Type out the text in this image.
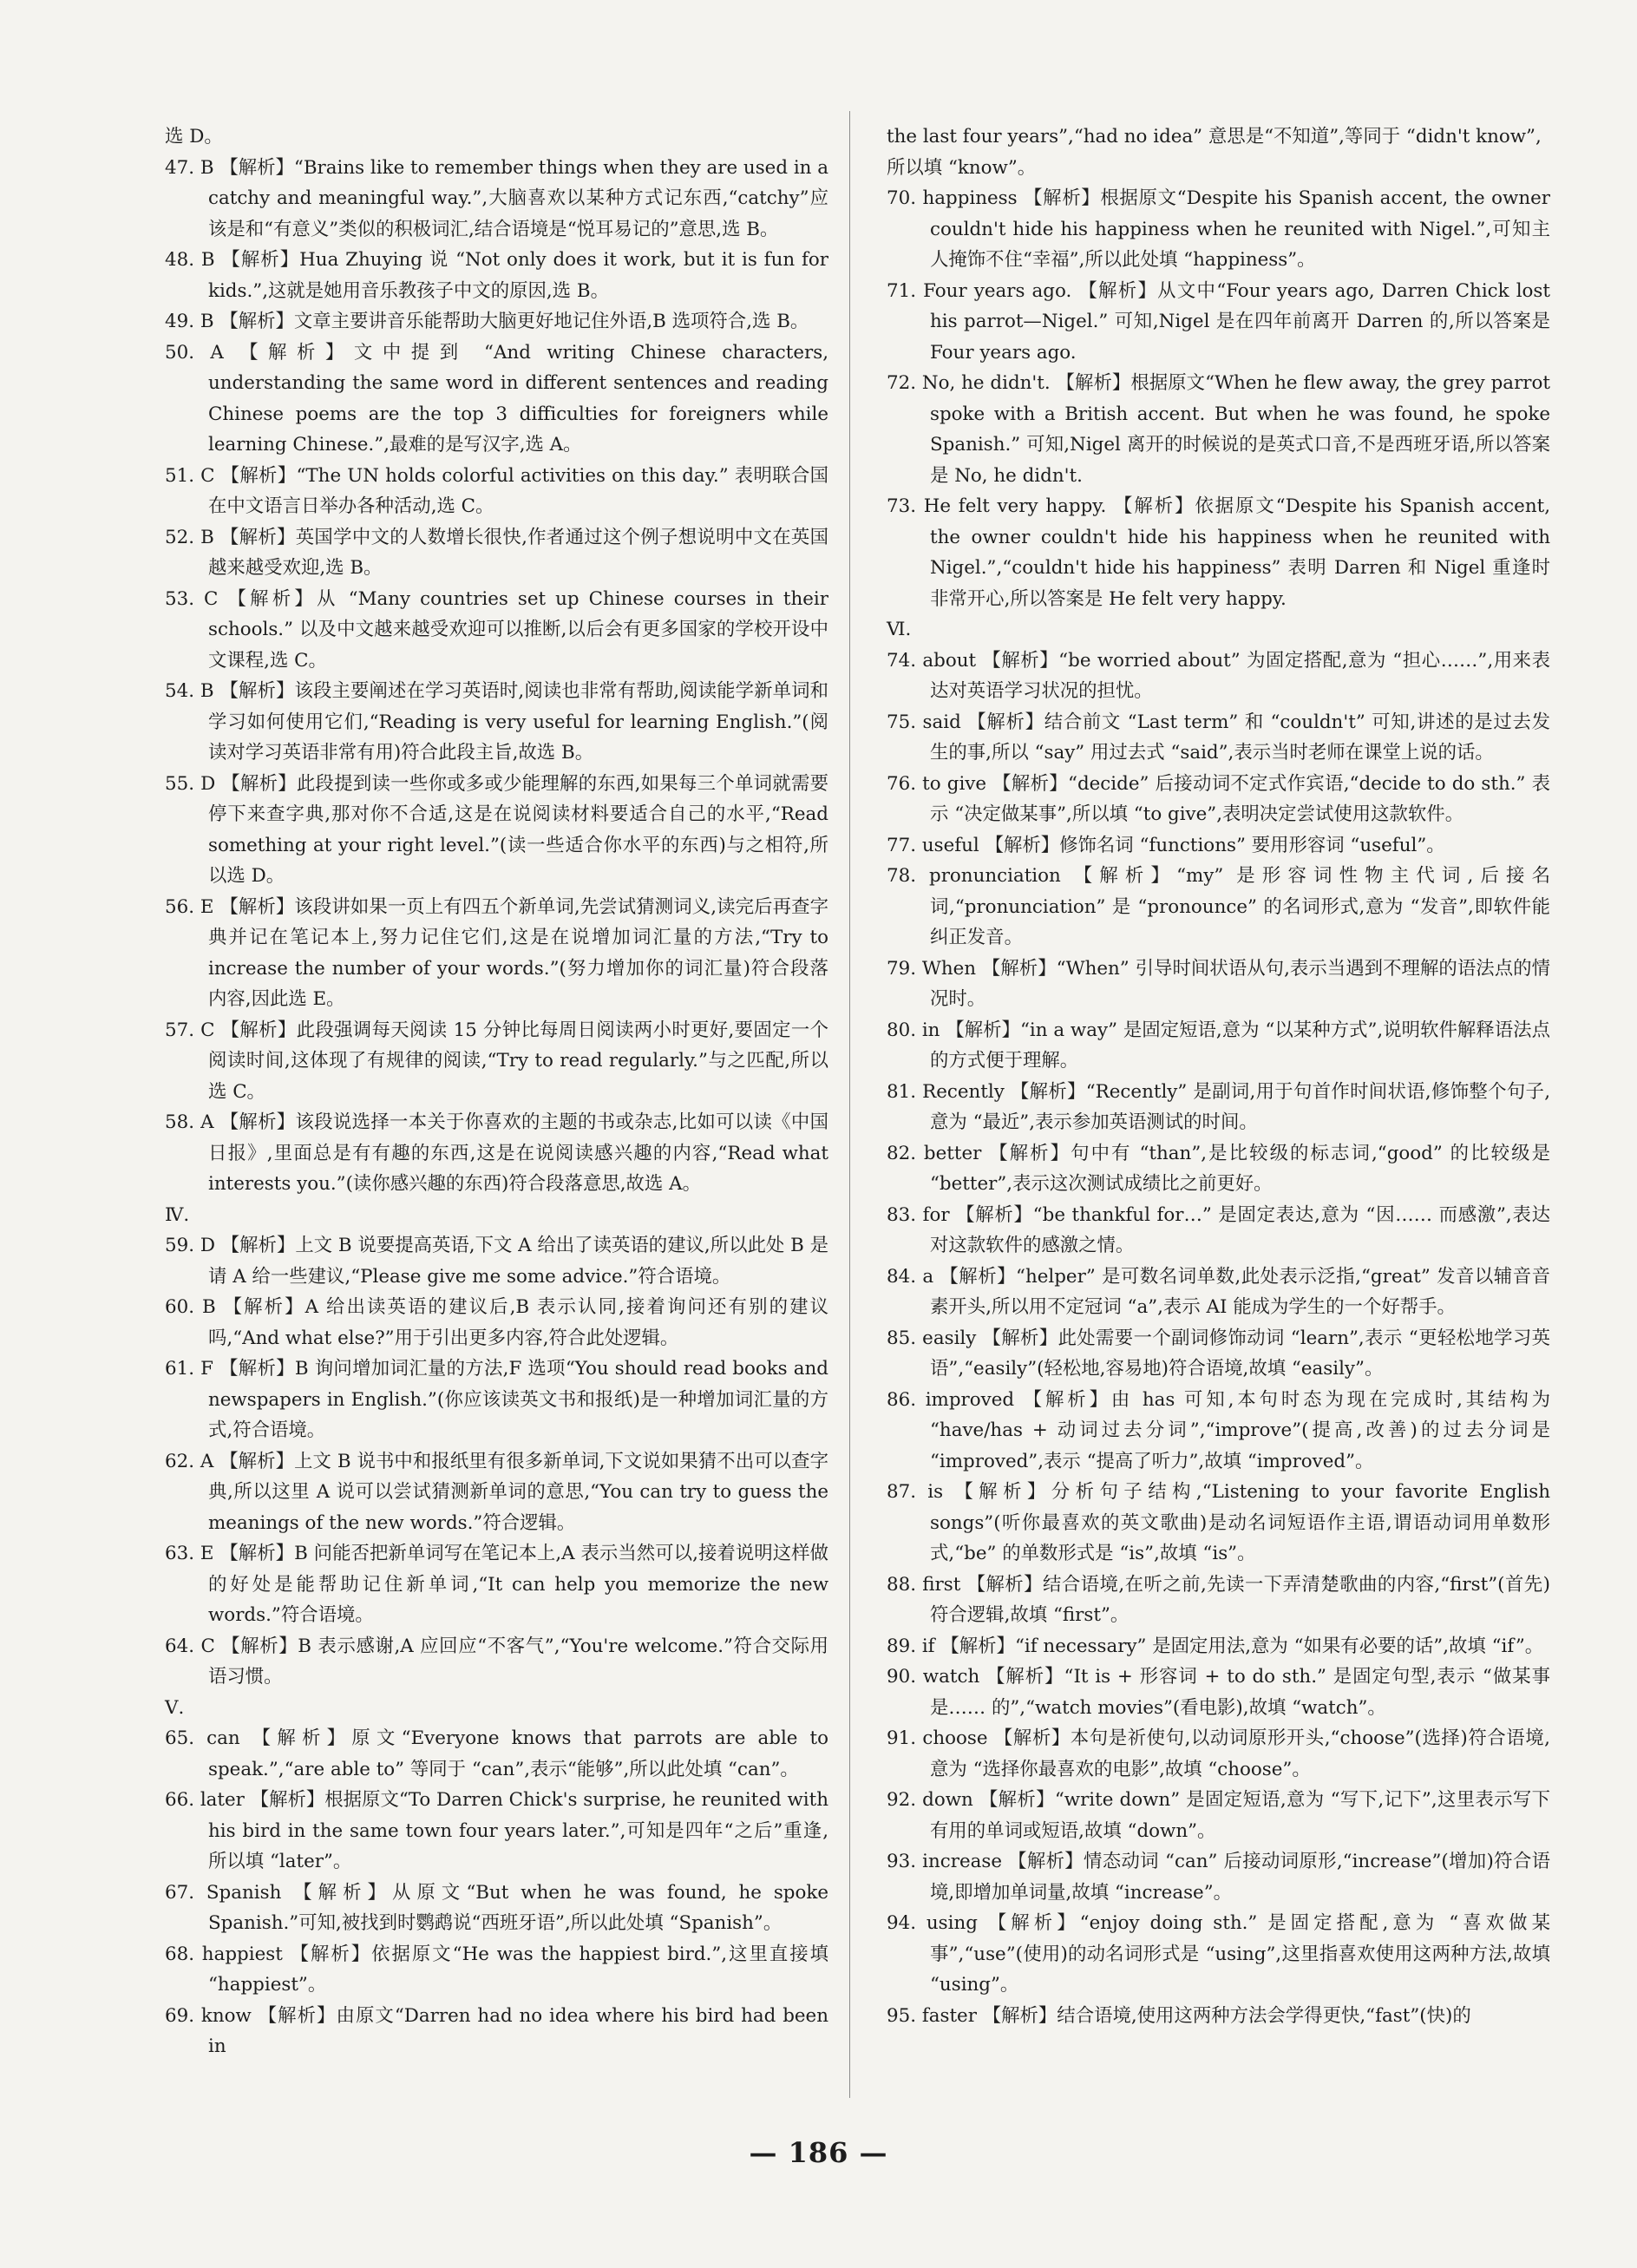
选 D。
47. B 【解析】“Brains like to remember things when they are used in a catchy and meaningful way.”,大脑喜欢以某种方式记东西,“catchy”应该是和“有意义”类似的积极词汇,结合语境是“悦耳易记的”意思,选 B。
48. B 【解析】Hua Zhuying 说 “Not only does it work, but it is fun for kids.”,这就是她用音乐教孩子中文的原因,选 B。
49. B 【解析】文章主要讲音乐能帮助大脑更好地记住外语,B 选项符合,选 B。
50. A 【解析】文中提到 “And writing Chinese characters, understanding the same word in different sentences and reading Chinese poems are the top 3 difficulties for foreigners while learning Chinese.”,最难的是写汉字,选 A。
51. C 【解析】“The UN holds colorful activities on this day.” 表明联合国在中文语言日举办各种活动,选 C。
52. B 【解析】英国学中文的人数增长很快,作者通过这个例子想说明中文在英国越来越受欢迎,选 B。
53. C 【解析】从 “Many countries set up Chinese courses in their schools.” 以及中文越来越受欢迎可以推断,以后会有更多国家的学校开设中文课程,选 C。
54. B 【解析】该段主要阐述在学习英语时,阅读也非常有帮助,阅读能学新单词和学习如何使用它们,“Reading is very useful for learning English.”(阅读对学习英语非常有用)符合此段主旨,故选 B。
55. D 【解析】此段提到读一些你或多或少能理解的东西,如果每三个单词就需要停下来查字典,那对你不合适,这是在说阅读材料要适合自己的水平,“Read something at your right level.”(读一些适合你水平的东西)与之相符,所以选 D。
56. E 【解析】该段讲如果一页上有四五个新单词,先尝试猜测词义,读完后再查字典并记在笔记本上,努力记住它们,这是在说增加词汇量的方法,“Try to increase the number of your words.”(努力增加你的词汇量)符合段落内容,因此选 E。
57. C 【解析】此段强调每天阅读 15 分钟比每周日阅读两小时更好,要固定一个阅读时间,这体现了有规律的阅读,“Try to read regularly.”与之匹配,所以选 C。
58. A 【解析】该段说选择一本关于你喜欢的主题的书或杂志,比如可以读《中国日报》,里面总是有有趣的东西,这是在说阅读感兴趣的内容,“Read what interests you.”(读你感兴趣的东西)符合段落意思,故选 A。
Ⅳ.
59. D 【解析】上文 B 说要提高英语,下文 A 给出了读英语的建议,所以此处 B 是请 A 给一些建议,“Please give me some advice.”符合语境。
60. B 【解析】A 给出读英语的建议后,B 表示认同,接着询问还有别的建议吗,“And what else?”用于引出更多内容,符合此处逻辑。
61. F 【解析】B 询问增加词汇量的方法,F 选项“You should read books and newspapers in English.”(你应该读英文书和报纸)是一种增加词汇量的方式,符合语境。
62. A 【解析】上文 B 说书中和报纸里有很多新单词,下文说如果猜不出可以查字典,所以这里 A 说可以尝试猜测新单词的意思,“You can try to guess the meanings of the new words.”符合逻辑。
63. E 【解析】B 问能否把新单词写在笔记本上,A 表示当然可以,接着说明这样做的好处是能帮助记住新单词,“It can help you memorize the new words.”符合语境。
64. C 【解析】B 表示感谢,A 应回应“不客气”,“You're welcome.”符合交际用语习惯。
Ⅴ.
65. can 【解析】原文“Everyone knows that parrots are able to speak.”,“are able to” 等同于 “can”,表示“能够”,所以此处填 “can”。
66. later 【解析】根据原文“To Darren Chick's surprise, he reunited with his bird in the same town four years later.”,可知是四年“之后”重逢,所以填 “later”。
67. Spanish 【解析】从原文“But when he was found, he spoke Spanish.”可知,被找到时鹦鹉说“西班牙语”,所以此处填 “Spanish”。
68. happiest 【解析】依据原文“He was the happiest bird.”,这里直接填 “happiest”。
69. know 【解析】由原文“Darren had no idea where his bird had been in
the last four years”,“had no idea” 意思是“不知道”,等同于 “didn't know”,所以填 “know”。
70. happiness 【解析】根据原文“Despite his Spanish accent, the owner couldn't hide his happiness when he reunited with Nigel.”,可知主人掩饰不住“幸福”,所以此处填 “happiness”。
71. Four years ago. 【解析】从文中“Four years ago, Darren Chick lost his parrot—Nigel.” 可知,Nigel 是在四年前离开 Darren 的,所以答案是 Four years ago.
72. No, he didn't. 【解析】根据原文“When he flew away, the grey parrot spoke with a British accent. But when he was found, he spoke Spanish.” 可知,Nigel 离开的时候说的是英式口音,不是西班牙语,所以答案是 No, he didn't.
73. He felt very happy. 【解析】依据原文“Despite his Spanish accent, the owner couldn't hide his happiness when he reunited with Nigel.”,“couldn't hide his happiness” 表明 Darren 和 Nigel 重逢时非常开心,所以答案是 He felt very happy.
Ⅵ.
74. about 【解析】“be worried about” 为固定搭配,意为 “担心……”,用来表达对英语学习状况的担忧。
75. said 【解析】结合前文 “Last term” 和 “couldn't” 可知,讲述的是过去发生的事,所以 “say” 用过去式 “said”,表示当时老师在课堂上说的话。
76. to give 【解析】“decide” 后接动词不定式作宾语,“decide to do sth.” 表示 “决定做某事”,所以填 “to give”,表明决定尝试使用这款软件。
77. useful 【解析】修饰名词 “functions” 要用形容词 “useful”。
78. pronunciation 【解析】“my” 是形容词性物主代词,后接名词,“pronunciation” 是 “pronounce” 的名词形式,意为 “发音”,即软件能纠正发音。
79. When 【解析】“When” 引导时间状语从句,表示当遇到不理解的语法点的情况时。
80. in 【解析】“in a way” 是固定短语,意为 “以某种方式”,说明软件解释语法点的方式便于理解。
81. Recently 【解析】“Recently” 是副词,用于句首作时间状语,修饰整个句子,意为 “最近”,表示参加英语测试的时间。
82. better 【解析】句中有 “than”,是比较级的标志词,“good” 的比较级是 “better”,表示这次测试成绩比之前更好。
83. for 【解析】“be thankful for…” 是固定表达,意为 “因…… 而感激”,表达对这款软件的感激之情。
84. a 【解析】“helper” 是可数名词单数,此处表示泛指,“great” 发音以辅音音素开头,所以用不定冠词 “a”,表示 AI 能成为学生的一个好帮手。
85. easily 【解析】此处需要一个副词修饰动词 “learn”,表示 “更轻松地学习英语”,“easily”(轻松地,容易地)符合语境,故填 “easily”。
86. improved 【解析】由 has 可知,本句时态为现在完成时,其结构为 “have/has + 动词过去分词”,“improve”(提高,改善)的过去分词是 “improved”,表示 “提高了听力”,故填 “improved”。
87. is 【解析】分析句子结构,“Listening to your favorite English songs”(听你最喜欢的英文歌曲)是动名词短语作主语,谓语动词用单数形式,“be” 的单数形式是 “is”,故填 “is”。
88. first 【解析】结合语境,在听之前,先读一下弄清楚歌曲的内容,“first”(首先)符合逻辑,故填 “first”。
89. if 【解析】“if necessary” 是固定用法,意为 “如果有必要的话”,故填 “if”。
90. watch 【解析】“It is + 形容词 + to do sth.” 是固定句型,表示 “做某事是…… 的”,“watch movies”(看电影),故填 “watch”。
91. choose 【解析】本句是祈使句,以动词原形开头,“choose”(选择)符合语境,意为 “选择你最喜欢的电影”,故填 “choose”。
92. down 【解析】“write down” 是固定短语,意为 “写下,记下”,这里表示写下有用的单词或短语,故填 “down”。
93. increase 【解析】情态动词 “can” 后接动词原形,“increase”(增加)符合语境,即增加单词量,故填 “increase”。
94. using 【解析】“enjoy doing sth.” 是固定搭配,意为 “喜欢做某事”,“use”(使用)的动名词形式是 “using”,这里指喜欢使用这两种方法,故填 “using”。
95. faster 【解析】结合语境,使用这两种方法会学得更快,“fast”(快)的
— 186 —
